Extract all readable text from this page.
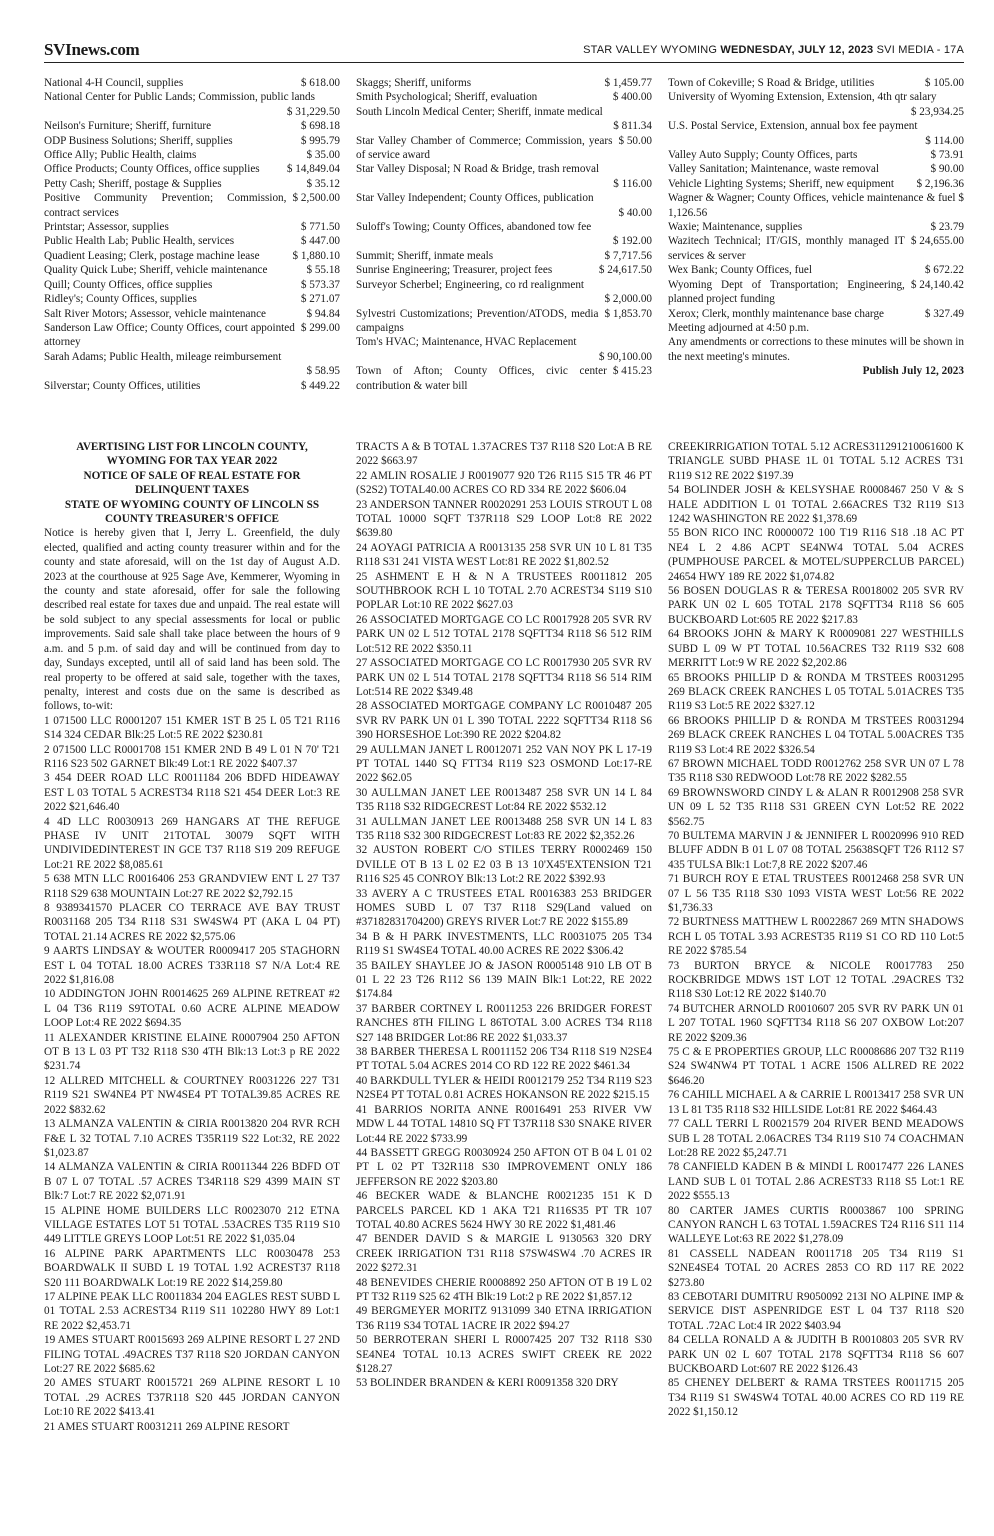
SVInews.com	STAR VALLEY WYOMING WEDNESDAY, JULY 12, 2023 SVI MEDIA - 17A
$ 618.00
National 4-H Council, supplies
National Center for Public Lands; Commission, public lands
$ 31,229.50
$ 698.18
Neilson's Furniture; Sheriff, furniture
$ 995.79
ODP Business Solutions; Sheriff, supplies
$ 35.00
Office Ally; Public Health, claims
$ 14,849.04
Office Products; County Offices, office supplies
$ 35.12
Petty Cash; Sheriff, postage & Supplies
$ 2,500.00
Positive Community Prevention; Commission, contract services
$ 771.50
Printstar; Assessor, supplies
$ 447.00
Public Health Lab; Public Health, services
$ 1,880.10
Quadient Leasing; Clerk, postage machine lease
$ 55.18
Quality Quick Lube; Sheriff, vehicle maintenance
$ 573.37
Quill; County Offices, office supplies
$ 271.07
Ridley's; County Offices, supplies
$ 94.84
Salt River Motors; Assessor, vehicle maintenance
$ 299.00
Sanderson Law Office; County Offices, court appointed attorney
Sarah Adams; Public Health, mileage reimbursement
$ 58.95
$ 449.22
Silverstar; County Offices, utilities
$ 1,459.77
Skaggs; Sheriff, uniforms
$ 400.00
Smith Psychological; Sheriff, evaluation
South Lincoln Medical Center; Sheriff, inmate medical
$ 811.34
$ 50.00
Star Valley Chamber of Commerce; Commission, years of service award
Star Valley Disposal; N Road & Bridge, trash removal
$ 116.00
Star Valley Independent; County Offices, publication
$ 40.00
Suloff's Towing; County Offices, abandoned tow fee
$ 192.00
$ 7,717.56
Summit; Sheriff, inmate meals
$ 24,617.50
Sunrise Engineering; Treasurer, project fees
Surveyor Scherbel; Engineering, co rd realignment
$ 2,000.00
$ 1,853.70
Sylvestri Customizations; Prevention/ATODS, media campaigns
Tom's HVAC; Maintenance, HVAC Replacement
$ 90,100.00
$ 415.23
Town of Afton; County Offices, civic center contribution & water bill
$ 105.00
Town of Cokeville; S Road & Bridge, utilities
University of Wyoming Extension, Extension, 4th qtr salary
$ 23,934.25
U.S. Postal Service, Extension, annual box fee payment
$ 114.00
$ 73.91
Valley Auto Supply; County Offices, parts
$ 90.00
Valley Sanitation; Maintenance, waste removal
$ 2,196.36
Vehicle Lighting Systems; Sheriff, new equipment
Wagner & Wagner; County Offices, vehicle maintenance & fuel $ 1,126.56
$ 23.79
Waxie; Maintenance, supplies
$ 24,655.00
Wazitech Technical; IT/GIS, monthly managed IT services & server
$ 672.22
Wex Bank; County Offices, fuel
$ 24,140.42
Wyoming Dept of Transportation; Engineering, planned project funding
$ 327.49
Xerox; Clerk, monthly maintenance base charge
Meeting adjourned at 4:50 p.m.
Any amendments or corrections to these minutes will be shown in the next meeting's minutes.
Publish July 12, 2023
AVERTISING LIST FOR LINCOLN COUNTY,
WYOMING FOR TAX YEAR 2022
NOTICE OF SALE OF REAL ESTATE FOR
DELINQUENT TAXES
STATE OF WYOMING COUNTY OF LINCOLN SS
COUNTY TREASURER'S OFFICE

Notice is hereby given that I, Jerry L. Greenfield, the duly elected, qualified and acting county treasurer within and for the county and state aforesaid, will on the 1st day of August A.D. 2023 at the courthouse at 925 Sage Ave, Kemmerer, Wyoming in the county and state aforesaid, offer for sale the following described real estate for taxes due and unpaid. The real estate will be sold subject to any special assessments for local or public improvements. Said sale shall take place between the hours of 9 a.m. and 5 p.m. of said day and will be continued from day to day, Sundays excepted, until all of said land has been sold. The real property to be offered at said sale, together with the taxes, penalty, interest and costs due on the same is described as follows, to-wit:

1 071500 LLC R0001207 151 KMER 1ST B 25 L 05 T21 R116 S14 324 CEDAR Blk:25 Lot:5 RE 2022 $230.81

2 071500 LLC R0001708 151 KMER 2ND B 49 L 01 N 70' T21 R116 S23 502 GARNET Blk:49 Lot:1 RE 2022 $407.37

3 454 DEER ROAD LLC R0011184 206 BDFD HIDEAWAY EST L 03 TOTAL 5 ACREST34 R118 S21 454 DEER Lot:3 RE 2022 $21,646.40

4 4D LLC R0030913 269 HANGARS AT THE REFUGE PHASE IV UNIT 21TOTAL 30079 SQFT WITH UNDIVIDEDINTEREST IN GCE T37 R118 S19 209 REFUGE Lot:21 RE 2022 $8,085.61

5 638 MTN LLC R0016406 253 GRANDVIEW ENT L 27 T37 R118 S29 638 MOUNTAIN Lot:27 RE 2022 $2,792.15

8 9389341570 PLACER CO TERRACE AVE BAY TRUST R0031168 205 T34 R118 S31 SW4SW4 PT (AKA L 04 PT) TOTAL 21.14 ACRES RE 2022 $2,575.06

9 AARTS LINDSAY & WOUTER R0009417 205 STAGHORN EST L 04 TOTAL 18.00 ACRES T33R118 S7 N/A Lot:4 RE 2022 $1,816.08

10 ADDINGTON JOHN R0014625 269 ALPINE RETREAT #2 L 04 T36 R119 S9TOTAL 0.60 ACRE ALPINE MEADOW LOOP Lot:4 RE 2022 $694.35

11 ALEXANDER KRISTINE ELAINE R0007904 250 AFTON OT B 13 L 03 PT T32 R118 S30 4TH Blk:13 Lot:3 p RE 2022 $231.74

12 ALLRED MITCHELL & COURTNEY R0031226 227 T31 R119 S21 SW4NE4 PT NW4SE4 PT TOTAL39.85 ACRES RE 2022 $832.62

13 ALMANZA VALENTIN & CIRIA R0013820 204 RVR RCH F&E L 32 TOTAL 7.10 ACRES T35R119 S22 Lot:32, RE 2022 $1,023.87

14 ALMANZA VALENTIN & CIRIA R0011344 226 BDFD OT B 07 L 07 TOTAL .57 ACRES T34R118 S29 4399 MAIN ST Blk:7 Lot:7 RE 2022 $2,071.91

15 ALPINE HOME BUILDERS LLC R0023070 212 ETNA VILLAGE ESTATES LOT 51 TOTAL .53ACRES T35 R119 S10 449 LITTLE GREYS LOOP Lot:51 RE 2022 $1,035.04

16 ALPINE PARK APARTMENTS LLC R0030478 253 BOARDWALK II SUBD L 19 TOTAL 1.92 ACREST37 R118 S20 111 BOARDWALK Lot:19 RE 2022 $14,259.80

17 ALPINE PEAK LLC R0011834 204 EAGLES REST SUBD L 01 TOTAL 2.53 ACREST34 R119 S11 102280 HWY 89 Lot:1 RE 2022 $2,453.71

19 AMES STUART R0015693 269 ALPINE RESORT L 27 2ND FILING TOTAL .49ACRES T37 R118 S20 JORDAN CANYON Lot:27 RE 2022 $685.62

20 AMES STUART R0015721 269 ALPINE RESORT L 10 TOTAL .29 ACRES T37R118 S20 445 JORDAN CANYON Lot:10 RE 2022 $413.41

21 AMES STUART R0031211 269 ALPINE RESORT

TRACTS A & B TOTAL 1.37ACRES T37 R118 S20 Lot:A B RE 2022 $663.97

22 AMLIN ROSALIE J R0019077 920 T26 R115 S15 TR 46 PT (S2S2) TOTAL40.00 ACRES CO RD 334 RE 2022 $606.04

23 ANDERSON TANNER R0020291 253 LOUIS STROUT L 08 TOTAL 10000 SQFT T37R118 S29 LOOP Lot:8 RE 2022 $639.80

24 AOYAGI PATRICIA A R0013135 258 SVR UN 10 L 81 T35 R118 S31 241 VISTA WEST Lot:81 RE 2022 $1,802.52

25 ASHMENT E H & N A TRUSTEES R0011812 205 SOUTHBROOK RCH L 10 TOTAL 2.70 ACREST34 S119 S10 POPLAR Lot:10 RE 2022 $627.03

26 ASSOCIATED MORTGAGE CO LC R0017928 205 SVR RV PARK UN 02 L 512 TOTAL 2178 SQFTT34 R118 S6 512 RIM Lot:512 RE 2022 $350.11

27 ASSOCIATED MORTGAGE CO LC R0017930 205 SVR RV PARK UN 02 L 514 TOTAL 2178 SQFTT34 R118 S6 514 RIM Lot:514 RE 2022 $349.48

28 ASSOCIATED MORTGAGE COMPANY LC R0010487 205 SVR RV PARK UN 01 L 390 TOTAL 2222 SQFTT34 R118 S6 390 HORSESHOE Lot:390 RE 2022 $204.82

29 AULLMAN JANET L R0012071 252 VAN NOY PK L 17-19 PT TOTAL 1440 SQ FTT34 R119 S23 OSMOND Lot:17-RE 2022 $62.05

30 AULLMAN JANET LEE R0013487 258 SVR UN 14 L 84 T35 R118 S32 RIDGECREST Lot:84 RE 2022 $532.12

31 AULLMAN JANET LEE R0013488 258 SVR UN 14 L 83 T35 R118 S32 300 RIDGECREST Lot:83 RE 2022 $2,352.26

32 AUSTON ROBERT C/O STILES TERRY R0002469 150 DVILLE OT B 13 L 02 E2 03 B 13 10'X45'EXTENSION T21 R116 S25 45 CONROY Blk:13 Lot:2 RE 2022 $392.93

33 AVERY A C TRUSTEES ETAL R0016383 253 BRIDGER HOMES SUBD L 07 T37 R118 S29(Land valued on #37182831704200) GREYS RIVER Lot:7 RE 2022 $155.89

34 B & H PARK INVESTMENTS, LLC R0031075 205 T34 R119 S1 SW4SE4 TOTAL 40.00 ACRES RE 2022 $306.42

35 BAILEY SHAYLEE JO & JASON R0005148 910 LB OT B 01 L 22 23 T26 R112 S6 139 MAIN Blk:1 Lot:22, RE 2022 $174.84

37 BARBER CORTNEY L R0011253 226 BRIDGER FOREST RANCHES 8TH FILING L 86TOTAL 3.00 ACRES T34 R118 S27 148 BRIDGER Lot:86 RE 2022 $1,033.37

38 BARBER THERESA L R0011152 206 T34 R118 S19 N2SE4 PT TOTAL 5.04 ACRES 2014 CO RD 122 RE 2022 $461.34

40 BARKDULL TYLER & HEIDI R0012179 252 T34 R119 S23 N2SE4 PT TOTAL 0.81 ACRES HOKANSON RE 2022 $215.15

41 BARRIOS NORITA ANNE R0016491 253 RIVER VW MDW L 44 TOTAL 14810 SQ FT T37R118 S30 SNAKE RIVER Lot:44 RE 2022 $733.99

44 BASSETT GREGG R0030924 250 AFTON OT B 04 L 01 02 PT L 02 PT T32R118 S30 IMPROVEMENT ONLY 186 JEFFERSON RE 2022 $203.80

46 BECKER WADE & BLANCHE R0021235 151 K D PARCELS PARCEL KD 1 AKA T21 R116S35 PT TR 107 TOTAL 40.80 ACRES 5624 HWY 30 RE 2022 $1,481.46

47 BENDER DAVID S & MARGIE L 9130563 320 DRY CREEK IRRIGATION T31 R118 S7SW4SW4 .70 ACRES IR 2022 $272.31

48 BENEVIDES CHERIE R0008892 250 AFTON OT B 19 L 02 PT T32 R119 S25 62 4TH Blk:19 Lot:2 p RE 2022 $1,857.12

49 BERGMEYER MORITZ 9131099 340 ETNA IRRIGATION T36 R119 S34 TOTAL 1ACRE IR 2022 $94.27

50 BERROTERAN SHERI L R0007425 207 T32 R118 S30 SE4NE4 TOTAL 10.13 ACRES SWIFT CREEK RE 2022 $128.27

53 BOLINDER BRANDEN & KERI R0091358 320 DRY

CREEKIRRIGATION TOTAL 5.12 ACRES311291210061600 K TRIANGLE SUBD PHASE 1L 01 TOTAL 5.12 ACRES T31 R119 S12 RE 2022 $197.39

54 BOLINDER JOSH & KELSYSHAE R0008467 250 V & S HALE ADDITION L 01 TOTAL 2.66ACRES T32 R119 S13 1242 WASHINGTON RE 2022 $1,378.69

55 BON RICO INC R0000072 100 T19 R116 S18 .18 AC PT NE4 L 2 4.86 ACPT SE4NW4 TOTAL 5.04 ACRES (PUMPHOUSE PARCEL & MOTEL/SUPPERCLUB PARCEL) 24654 HWY 189 RE 2022 $1,074.82

56 BOSEN DOUGLAS R & TERESA R0018002 205 SVR RV PARK UN 02 L 605 TOTAL 2178 SQFTT34 R118 S6 605 BUCKBOARD Lot:605 RE 2022 $217.83

64 BROOKS JOHN & MARY K R0009081 227 WESTHILLS SUBD L 09 W PT TOTAL 10.56ACRES T32 R119 S32 608 MERRITT Lot:9 W RE 2022 $2,202.86

65 BROOKS PHILLIP D & RONDA M TRSTEES R0031295 269 BLACK CREEK RANCHES L 05 TOTAL 5.01ACRES T35 R119 S3 Lot:5 RE 2022 $327.12

66 BROOKS PHILLIP D & RONDA M TRSTEES R0031294 269 BLACK CREEK RANCHES L 04 TOTAL 5.00ACRES T35 R119 S3 Lot:4 RE 2022 $326.54

67 BROWN MICHAEL TODD R0012762 258 SVR UN 07 L 78 T35 R118 S30 REDWOOD Lot:78 RE 2022 $282.55

69 BROWNSWORD CINDY L & ALAN R R0012908 258 SVR UN 09 L 52 T35 R118 S31 GREEN CYN Lot:52 RE 2022 $562.75

70 BULTEMA MARVIN J & JENNIFER L R0020996 910 RED BLUFF ADDN B 01 L 07 08 TOTAL 25638SQFT T26 R112 S7 435 TULSA Blk:1 Lot:7,8 RE 2022 $207.46

71 BURCH ROY E ETAL TRUSTEES R0012468 258 SVR UN 07 L 56 T35 R118 S30 1093 VISTA WEST Lot:56 RE 2022 $1,736.33

72 BURTNESS MATTHEW L R0022867 269 MTN SHADOWS RCH L 05 TOTAL 3.93 ACREST35 R119 S1 CO RD 110 Lot:5 RE 2022 $785.54

73 BURTON BRYCE & NICOLE R0017783 250 ROCKBRIDGE MDWS 1ST LOT 12 TOTAL .29ACRES T32 R118 S30 Lot:12 RE 2022 $140.70

74 BUTCHER ARNOLD R0010607 205 SVR RV PARK UN 01 L 207 TOTAL 1960 SQFTT34 R118 S6 207 OXBOW Lot:207 RE 2022 $209.36

75 C & E PROPERTIES GROUP, LLC R0008686 207 T32 R119 S24 SW4NW4 PT TOTAL 1 ACRE 1506 ALLRED RE 2022 $646.20

76 CAHILL MICHAEL A & CARRIE L R0013417 258 SVR UN 13 L 81 T35 R118 S32 HILLSIDE Lot:81 RE 2022 $464.43

77 CALL TERRI L R0021579 204 RIVER BEND MEADOWS SUB L 28 TOTAL 2.06ACRES T34 R119 S10 74 COACHMAN Lot:28 RE 2022 $5,247.71

78 CANFIELD KADEN B & MINDI L R0017477 226 LANES LAND SUB L 01 TOTAL 2.86 ACREST33 R118 S5 Lot:1 RE 2022 $555.13

80 CARTER JAMES CURTIS R0003867 100 SPRING CANYON RANCH L 63 TOTAL 1.59ACRES T24 R116 S11 114 WALLEYE Lot:63 RE 2022 $1,278.09

81 CASSELL NADEAN R0011718 205 T34 R119 S1 S2NE4SE4 TOTAL 20 ACRES 2853 CO RD 117 RE 2022 $273.80

83 CEBOTARI DUMITRU R9050092 213I NO ALPINE IMP & SERVICE DIST ASPENRIDGE EST L 04 T37 R118 S20 TOTAL .72AC Lot:4 IR 2022 $403.94

84 CELLA RONALD A & JUDITH B R0010803 205 SVR RV PARK UN 02 L 607 TOTAL 2178 SQFTT34 R118 S6 607 BUCKBOARD Lot:607 RE 2022 $126.43

85 CHENEY DELBERT & RAMA TRSTEES R0011715 205 T34 R119 S1 SW4SW4 TOTAL 40.00 ACRES CO RD 119 RE 2022 $1,150.12
